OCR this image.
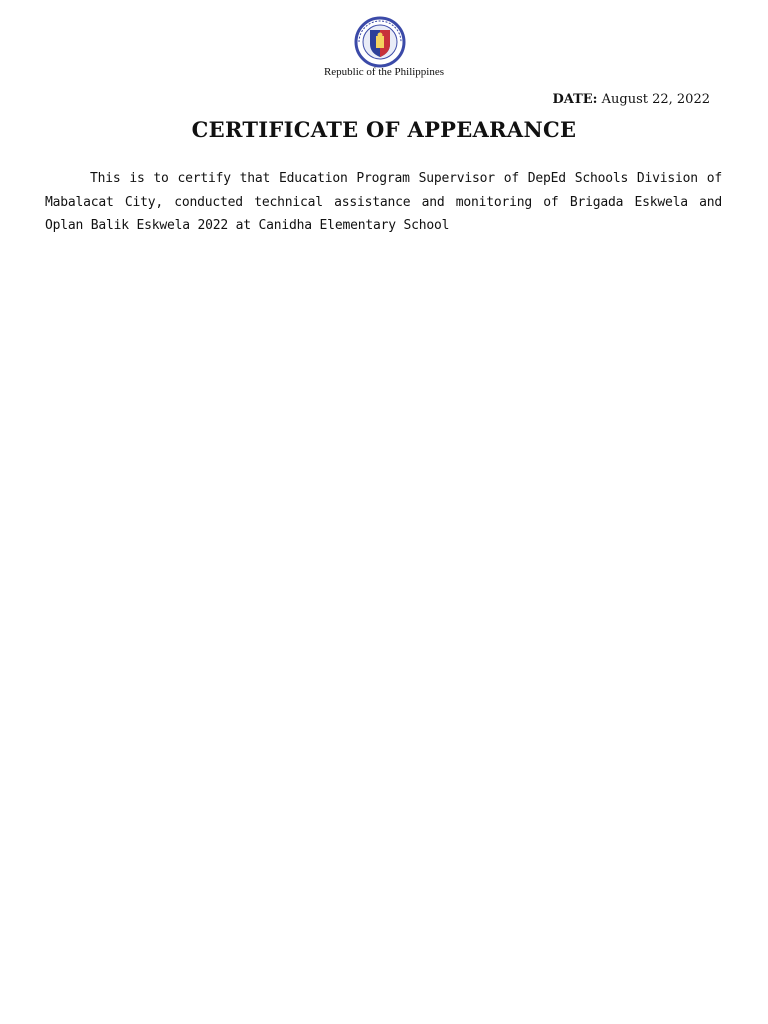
Republic of the Philippines
DATE: August 22, 2022
CERTIFICATE OF APPEARANCE
This is to certify that Education Program Supervisor of DepEd Schools Division of Mabalacat City, conducted technical assistance and monitoring of Brigada Eskwela and Oplan Balik Eskwela 2022 at Canidha Elementary School
